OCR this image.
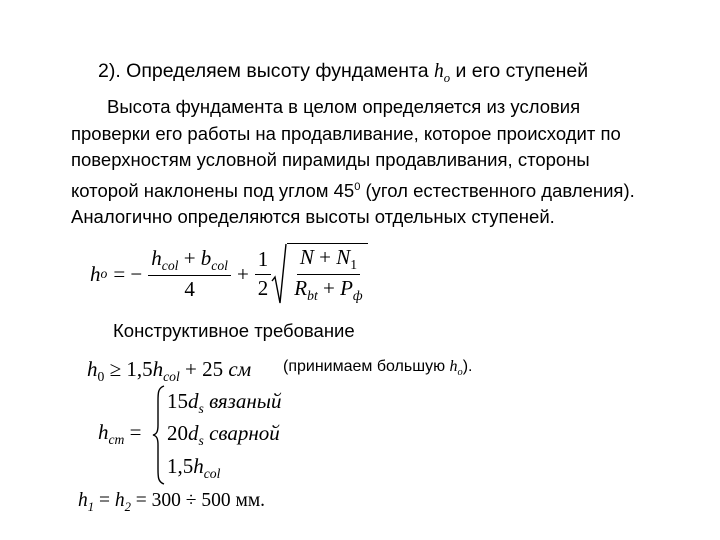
2). Определяем высоту фундамента $h_o$ и его ступеней

Высота фундамента в целом определяется из условия

проверки его работы на продавливание, которое происходит по

поверхностям условной пирамиды продавливания, стороны

которой наклонены под углом $45^0$ (угол естественного давления).

Аналогично определяются высоты отдельных ступеней.

h o = − $\frac{h_{col} + b_{col}}{4} + \frac{1}{2} \frac{N + N_1}{R_{bt} + P_ф}$
Конструктивное требование
$h_0 \ge 1,5h_{col} + 25$ см (принимаем большую $h_o$).
$h_{cm}$ =
$15d_s$ вязаный
$20d_s$ сварной
$1,5h_{col}$
$h_1 = h_2 = 300 \div 500$ мм.
